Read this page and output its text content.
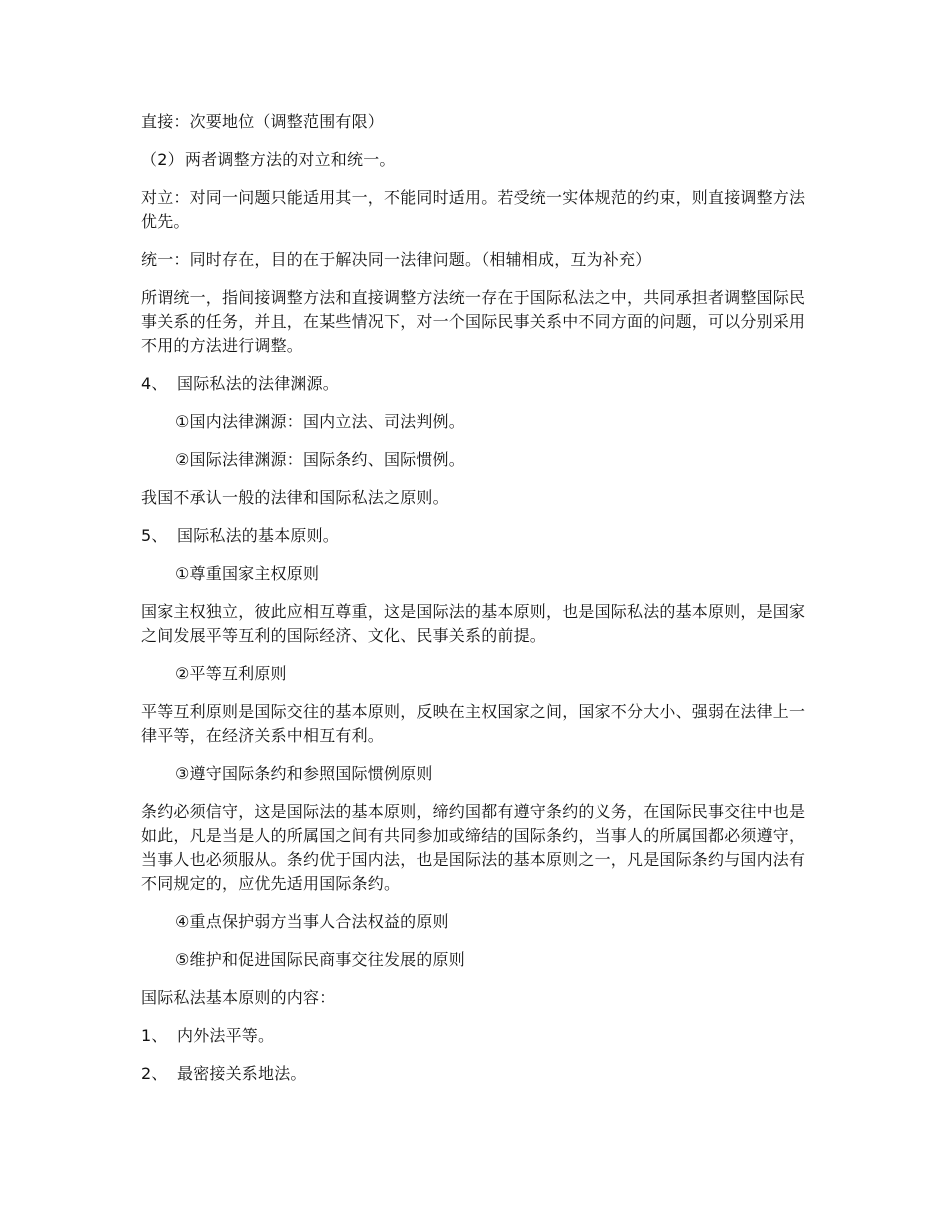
直接：次要地位（调整范围有限）

（2）两者调整方法的对立和统一。

对立：对同一问题只能适用其一，不能同时适用。若受统一实体规范的约束，则直接调整方法优先。

统一：同时存在，目的在于解决同一法律问题。（相辅相成，互为补充）

所谓统一，指间接调整方法和直接调整方法统一存在于国际私法之中，共同承担者调整国际民事关系的任务，并且，在某些情况下，对一个国际民事关系中不同方面的问题，可以分别采用不用的方法进行调整。

4、 国际私法的法律渊源。

①国内法律渊源：国内立法、司法判例。

②国际法律渊源：国际条约、国际惯例。

我国不承认一般的法律和国际私法之原则。

5、 国际私法的基本原则。

①尊重国家主权原则

国家主权独立，彼此应相互尊重，这是国际法的基本原则，也是国际私法的基本原则，是国家之间发展平等互利的国际经济、文化、民事关系的前提。

②平等互利原则

平等互利原则是国际交往的基本原则，反映在主权国家之间，国家不分大小、强弱在法律上一律平等，在经济关系中相互有利。

③遵守国际条约和参照国际惯例原则

条约必须信守，这是国际法的基本原则，缔约国都有遵守条约的义务，在国际民事交往中也是如此，凡是当是人的所属国之间有共同参加或缔结的国际条约，当事人的所属国都必须遵守，当事人也必须服从。条约优于国内法，也是国际法的基本原则之一，凡是国际条约与国内法有不同规定的，应优先适用国际条约。

④重点保护弱方当事人合法权益的原则

⑤维护和促进国际民商事交往发展的原则

国际私法基本原则的内容：

1、 内外法平等。

2、 最密接关系地法。
